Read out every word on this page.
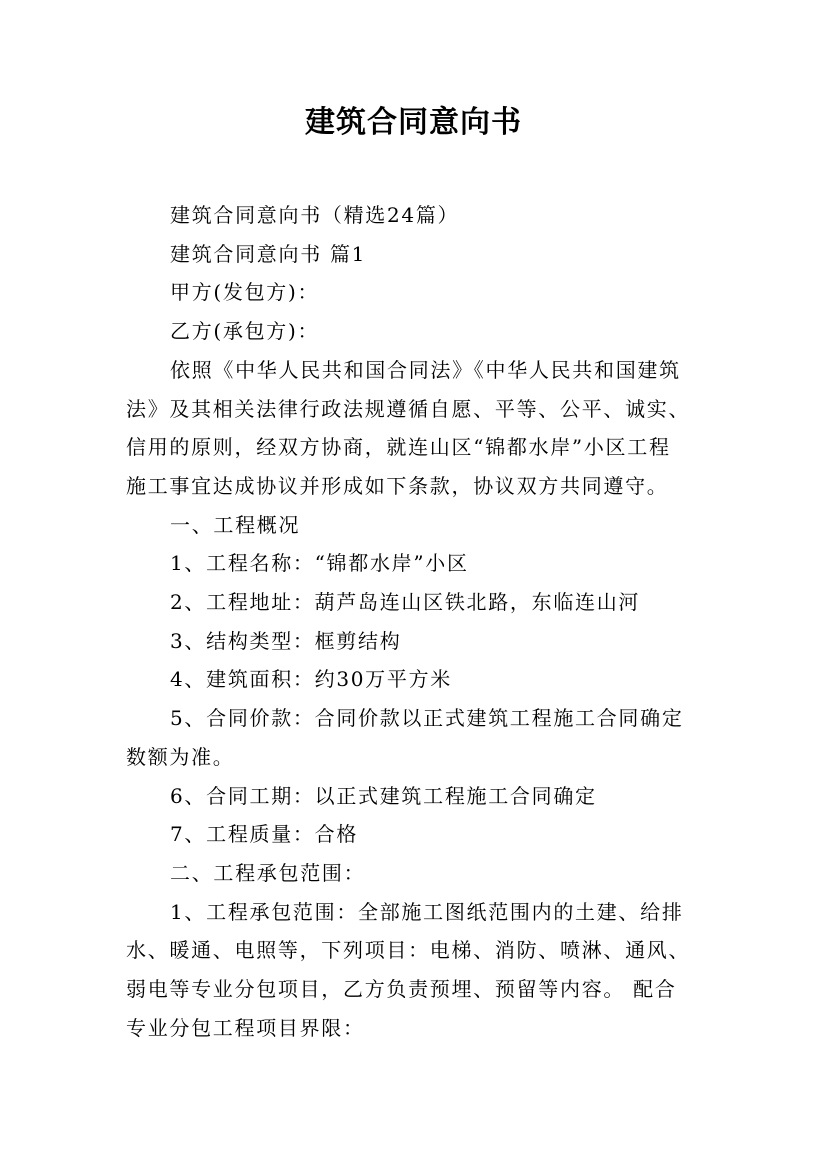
建筑合同意向书

建筑合同意向书（精选24篇）

建筑合同意向书 篇1

甲方(发包方)：

乙方(承包方)：

依照《中华人民共和国合同法》《中华人民共和国建筑

法》及其相关法律行政法规遵循自愿、平等、公平、诚实、

信用的原则，经双方协商，就连山区“锦都水岸”小区工程

施工事宜达成协议并形成如下条款，协议双方共同遵守。

一、工程概况

1、工程名称：“锦都水岸”小区

2、工程地址：葫芦岛连山区铁北路，东临连山河

3、结构类型：框剪结构

4、建筑面积：约30万平方米

5、合同价款：合同价款以正式建筑工程施工合同确定

数额为准。

6、合同工期：以正式建筑工程施工合同确定

7、工程质量：合格

二、工程承包范围：

1、工程承包范围：全部施工图纸范围内的土建、给排

水、暖通、电照等，下列项目：电梯、消防、喷淋、通风、

弱电等专业分包项目，乙方负责预埋、预留等内容。 配合

专业分包工程项目界限：
